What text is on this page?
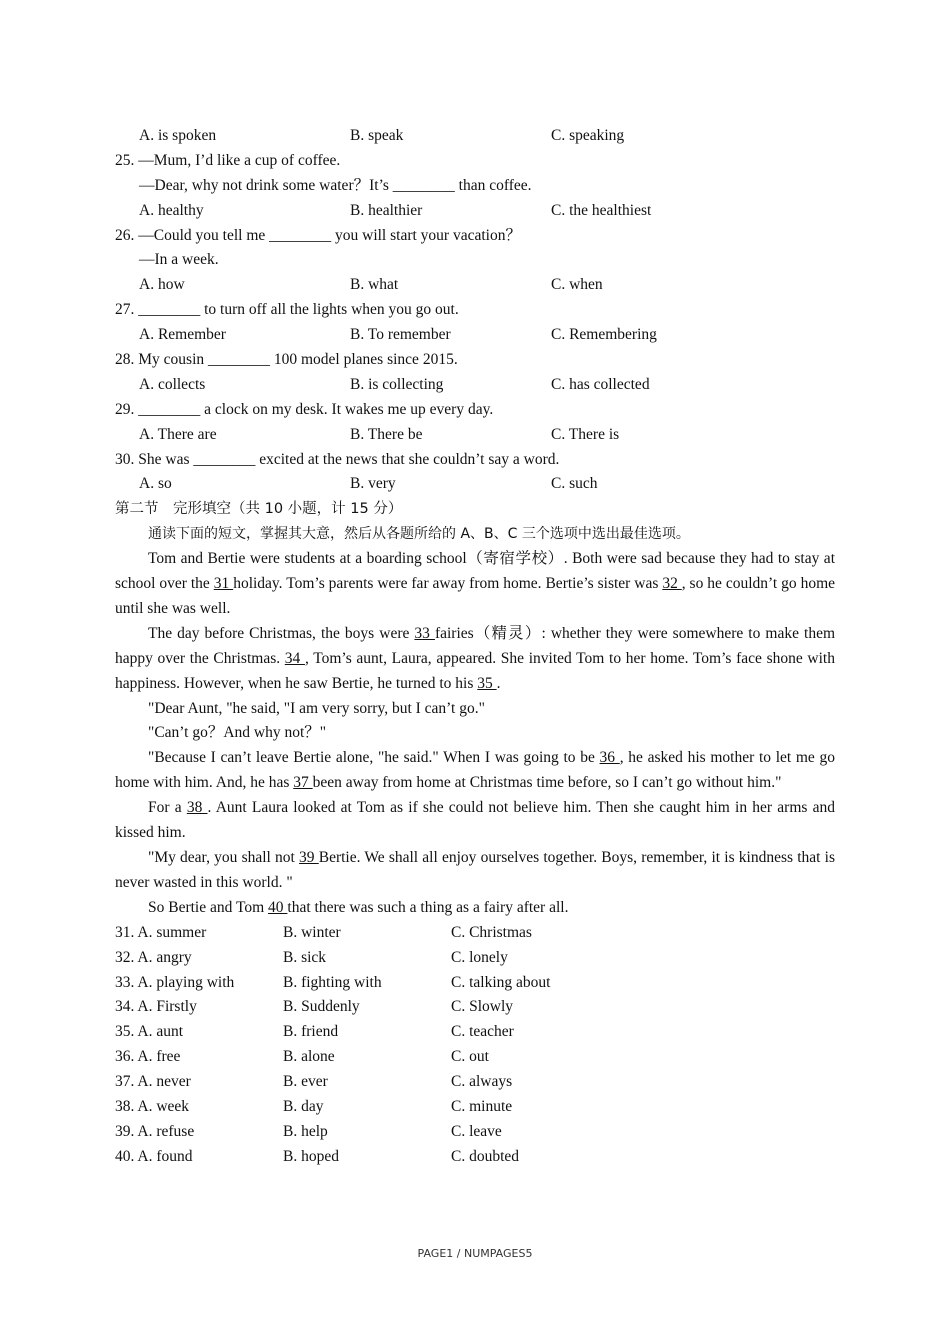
A. is spoken	B. speak	C. speaking
25. —Mum, I’d like a cup of coffee.
—Dear, why not drink some water？It’s ________ than coffee.
A. healthy	B. healthier	C. the healthiest
26. —Could you tell me ________ you will start your vacation？
—In a week.
A. how	B. what	C. when
27. ________ to turn off all the lights when you go out.
A. Remember	B. To remember	C. Remembering
28. My cousin ________ 100 model planes since 2015.
A. collects	B. is collecting	C. has collected
29. ________ a clock on my desk. It wakes me up every day.
A. There are	B. There be	C. There is
30. She was ________ excited at the news that she couldn’t say a word.
A. so	B. very	C. such
第二节　完形填空（共 10 小题，计 15 分）
通读下面的短文，掌握其大意，然后从各题所给的 A、B、C 三个选项中选出最佳选项。
Tom and Bertie were students at a boarding school（寄宿学校）. Both were sad because they had to stay at school over the 31 holiday. Tom’s parents were far away from home. Bertie’s sister was 32 , so he couldn’t go home until she was well.
The day before Christmas, the boys were 33 fairies（精灵）: whether they were somewhere to make them happy over the Christmas. 34 , Tom’s aunt, Laura, appeared. She invited Tom to her home. Tom’s face shone with happiness. However, when he saw Bertie, he turned to his 35 .
"Dear Aunt, "he said, "I am very sorry, but I can’t go."
"Can’t go？And why not？"
"Because I can’t leave Bertie alone, "he said." When I was going to be 36 , he asked his mother to let me go home with him. And, he has 37 been away from home at Christmas time before, so I can’t go without him."
For a 38 . Aunt Laura looked at Tom as if she could not believe him. Then she caught him in her arms and kissed him.
"My dear, you shall not 39 Bertie. We shall all enjoy ourselves together. Boys, remember, it is kindness that is never wasted in this world. "
So Bertie and Tom 40 that there was such a thing as a fairy after all.
31. A. summer	B. winter	C. Christmas
32. A. angry	B. sick	C. lonely
33. A. playing with	B. fighting with	C. talking about
34. A. Firstly	B. Suddenly	C. Slowly
35. A. aunt	B. friend	C. teacher
36. A. free	B. alone	C. out
37. A. never	B. ever	C. always
38. A. week	B. day	C. minute
39. A. refuse	B. help	C. leave
40. A. found	B. hoped	C. doubted
PAGE1 / NUMPAGES5
